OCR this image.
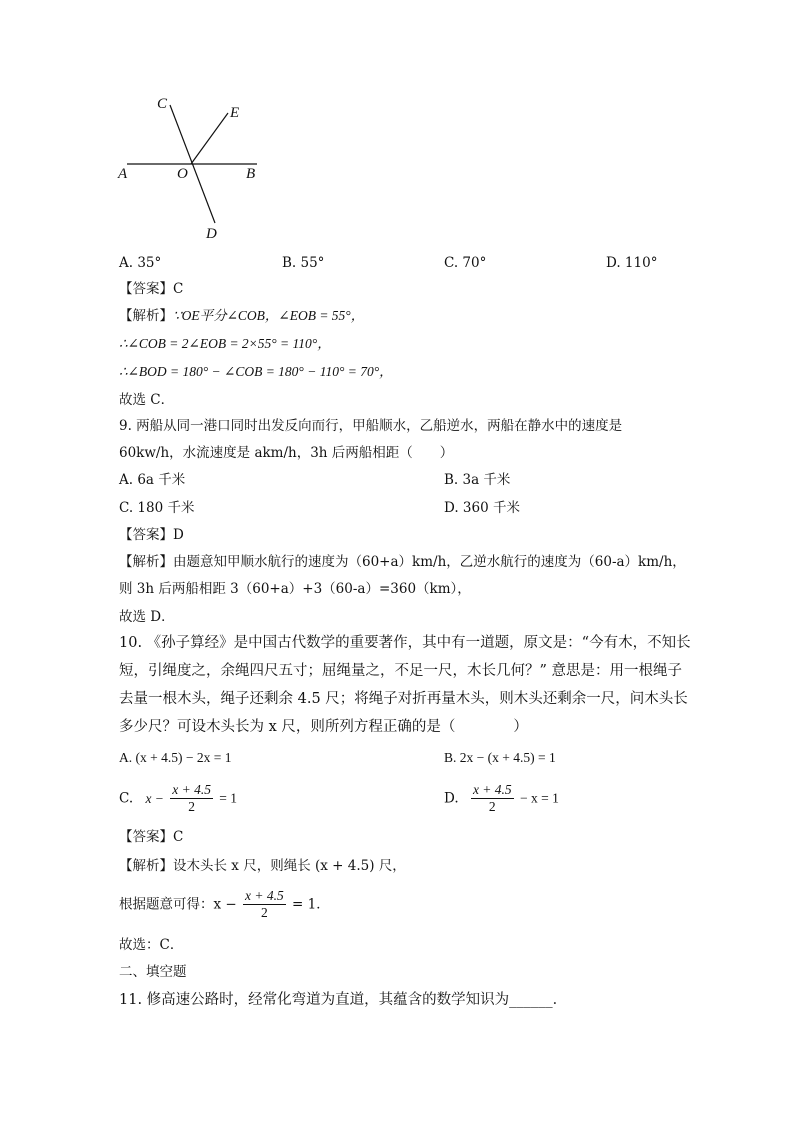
C
E
A	O	B
D
A. 35°	B. 55°	C. 70°	D. 110°
【答案】C
【解析】∵OE平分∠COB，∠EOB = 55°，
∴∠COB = 2∠EOB = 2×55° = 110°，
∴∠BOD = 180° − ∠COB = 180° − 110° = 70°，
故选 C．
9. 两船从同一港口同时出发反向而行，甲船顺水，乙船逆水，两船在静水中的速度是
60kw/h，水流速度是 akm/h，3h 后两船相距（　　）
A. 6a 千米	B. 3a 千米
C. 180 千米	D. 360 千米
【答案】D
【解析】由题意知甲顺水航行的速度为（60+a）km/h，乙逆水航行的速度为（60-a）km/h，
则 3h 后两船相距 3（60+a）+3（60-a）=360（km），
故选 D．
10. 《孙子算经》是中国古代数学的重要著作，其中有一道题，原文是：“今有木，不知长
短，引绳度之，余绳四尺五寸；屈绳量之，不足一尺，木长几何？” 意思是：用一根绳子
去量一根木头，绳子还剩余 4.5 尺；将绳子对折再量木头，则木头还剩余一尺，问木头长
多少尺？可设木头长为 x 尺，则所列方程正确的是（　　　　）
A. (x + 4.5) − 2x = 1	B. 2x − (x + 4.5) = 1
C. $x - \frac{x + 4.5}{2} = 1$	D. $\frac{x + 4.5}{2} - x = 1$
【答案】C
【解析】设木头长 x 尺，则绳长 (x + 4.5) 尺，
根据题意可得：$x - \frac{x + 4.5}{2} = 1$．
故选：C．
二、填空题
11. 修高速公路时，经常化弯道为直道，其蕴含的数学知识为______．
